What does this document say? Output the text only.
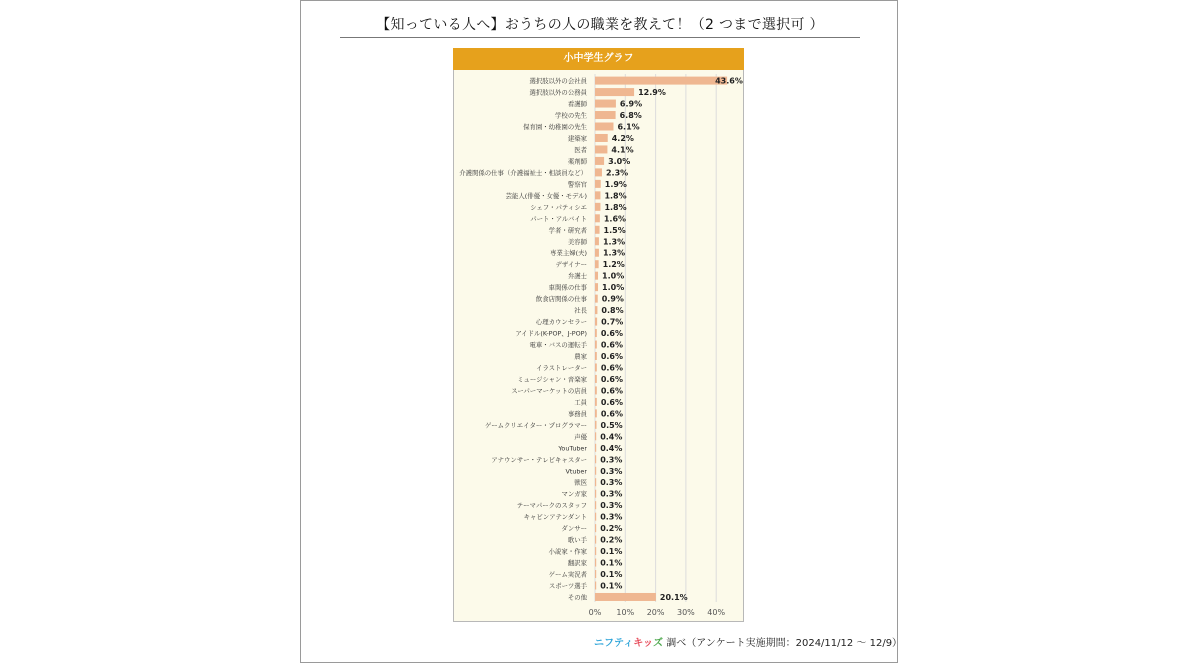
【知っている人へ】おうちの人の職業を教えて！（2 つまで選択可 ）
小中学生グラフ
選択肢以外の会社員
選択肢以外の公務員
看護師
学校の先生
保育園・幼稚園の先生
建築家
医者
薬剤師
介護関係の仕事（介護福祉士・相談員など）
警察官
芸能人(俳優・女優・モデル)
シェフ・パティシエ
パート・アルバイト
学者・研究者
美容師
専業主婦(夫)
デザイナー
弁護士
車関係の仕事
飲食店関係の仕事
社長
心理カウンセラー
アイドル(K-POP、J-POP)
電車・バスの運転手
農家
イラストレーター
ミュージシャン・音楽家
スーパーマーケットの店員
工員
事務員
ゲームクリエイター・プログラマー
声優
YouTuber
アナウンサー・テレビキャスター
Vtuber
獣医
マンガ家
テーマパークのスタッフ
キャビンアテンダント
ダンサー
歌い手
小説家・作家
翻訳家
ゲーム実況者
スポーツ選手
その他
43.6%
12.9%
6.9%
6.8%
6.1%
4.2%
4.1%
3.0%
2.3%
1.9%
1.8%
1.8%
1.6%
1.5%
1.3%
1.3%
1.2%
1.0%
1.0%
0.9%
0.8%
0.7%
0.6%
0.6%
0.6%
0.6%
0.6%
0.6%
0.6%
0.6%
0.5%
0.4%
0.4%
0.3%
0.3%
0.3%
0.3%
0.3%
0.3%
0.2%
0.2%
0.1%
0.1%
0.1%
0.1%
20.1%
0% 10% 20% 30% 40%
ニフティキッズ 調べ（アンケート実施期間：2024/11/12 ～ 12/9）
